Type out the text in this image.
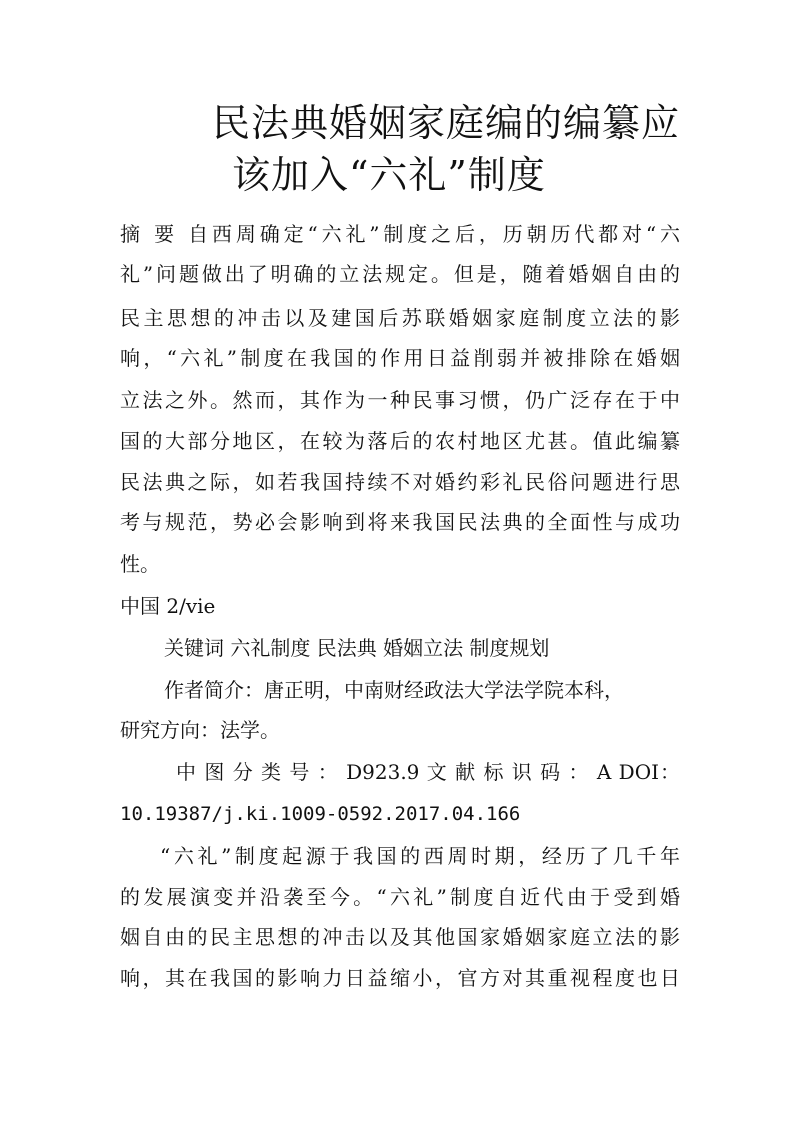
民法典婚姻家庭编的编纂应
该加入“六礼”制度
摘 要 自西周确定“六礼”制度之后，历朝历代都对“六
礼”问题做出了明确的立法规定。但是，随着婚姻自由的
民主思想的冲击以及建国后苏联婚姻家庭制度立法的影
响，“六礼”制度在我国的作用日益削弱并被排除在婚姻
立法之外。然而，其作为一种民事习惯，仍广泛存在于中
国的大部分地区，在较为落后的农村地区尤甚。值此编纂
民法典之际，如若我国持续不对婚约彩礼民俗问题进行思
考与规范，势必会影响到将来我国民法典的全面性与成功
性。
中国 2/vie
关键词 六礼制度 民法典 婚姻立法 制度规划
作者简介：唐正明，中南财经政法大学法学院本科，
研究方向：法学。
中 图 分 类 号 ： D923.9 文 献 标 识 码 ： A DOI：
10.19387/j.ki.1009-0592.2017.04.166
“六礼”制度起源于我国的西周时期，经历了几千年
的发展演变并沿袭至今。“六礼”制度自近代由于受到婚
姻自由的民主思想的冲击以及其他国家婚姻家庭立法的影
响，其在我国的影响力日益缩小，官方对其重视程度也日
